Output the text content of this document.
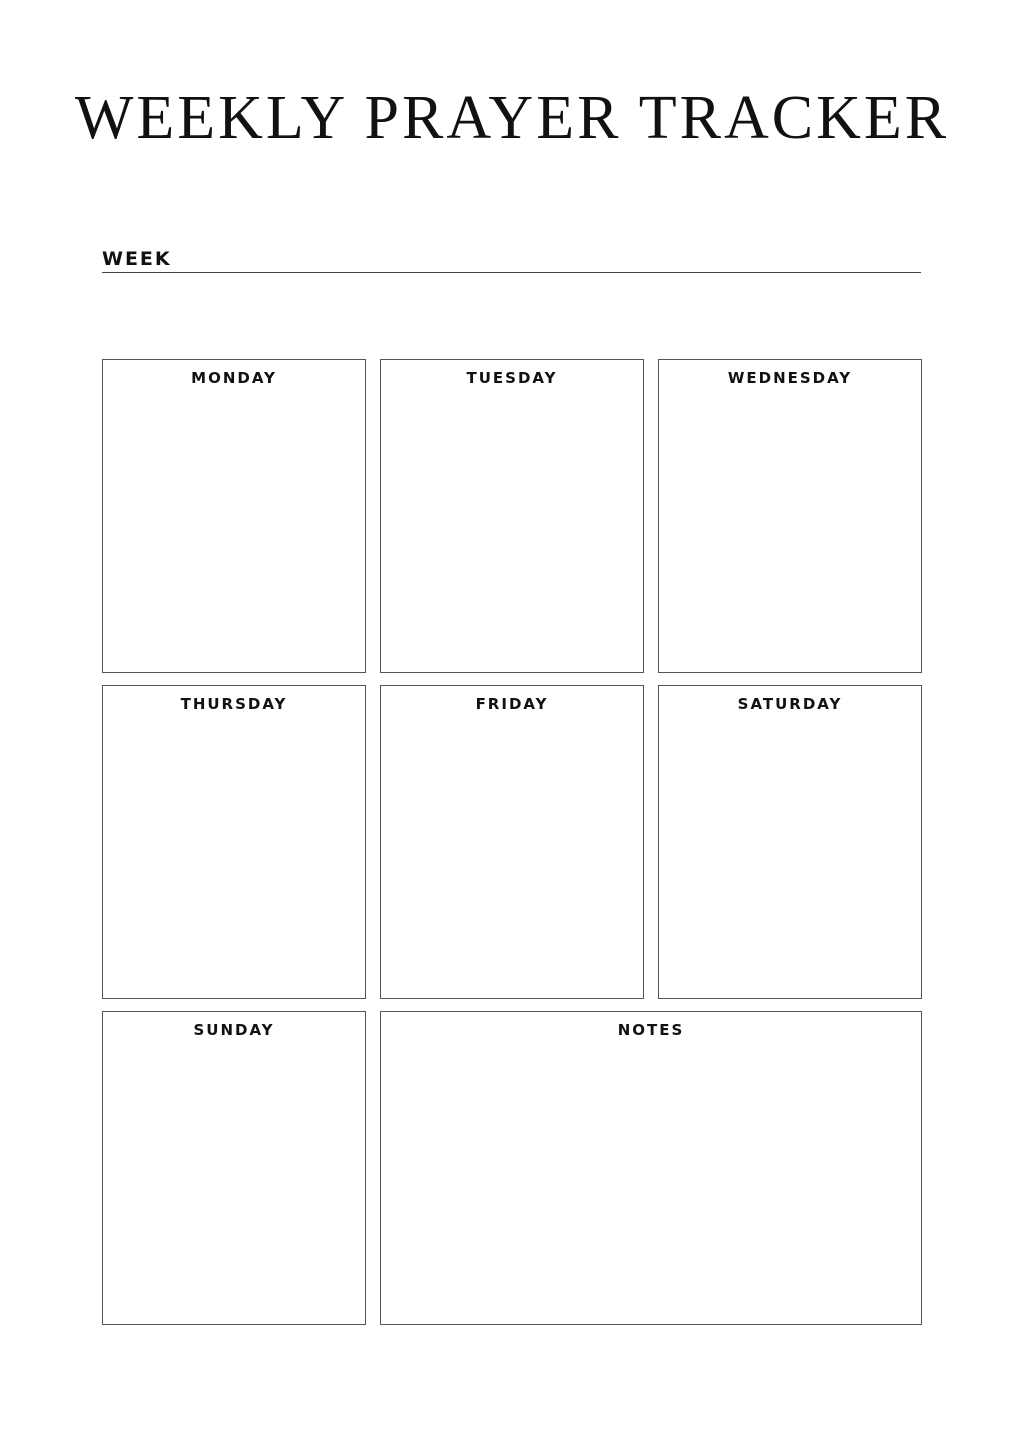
WEEKLY PRAYER TRACKER
WEEK
MONDAY	TUESDAY	WEDNESDAY
THURSDAY	FRIDAY	SATURDAY
SUNDAY	NOTES
